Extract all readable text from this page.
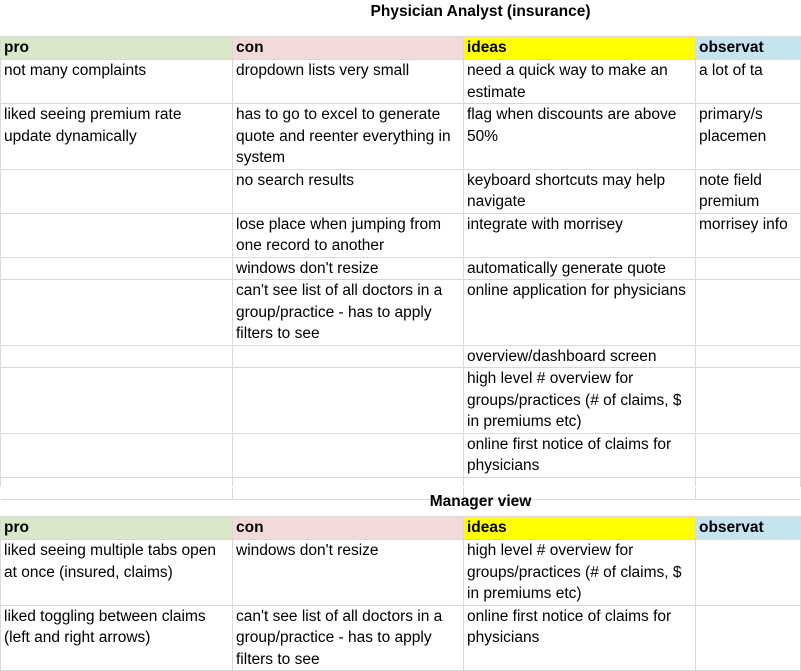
Physician Analyst (insurance)			
pro	con	ideas	observat
not many complaints	dropdown lists very small	need a quick way to make an estimate	a lot of ta
liked seeing premium rate update dynamically	has to go to excel to generate quote and reenter everything in system	flag when discounts are above 50%	primary/s placemen
	no search results	keyboard shortcuts may help navigate	note field premium
	lose place when jumping from one record to another	integrate with morrisey	morrisey info
	windows don't resize	automatically generate quote	
	can't see list of all doctors in a group/practice - has to apply filters to see	online application for physicians	
		overview/dashboard screen	
		high level # overview for groups/practices (# of claims, $ in premiums etc)	
		online first notice of claims for physicians	

Manager view			
pro	con	ideas	observat
liked seeing multiple tabs open at once (insured, claims)	windows don't resize	high level # overview for groups/practices (# of claims, $ in premiums etc)	
liked toggling between claims (left and right arrows)	can't see list of all doctors in a group/practice - has to apply filters to see	online first notice of claims for physicians	
